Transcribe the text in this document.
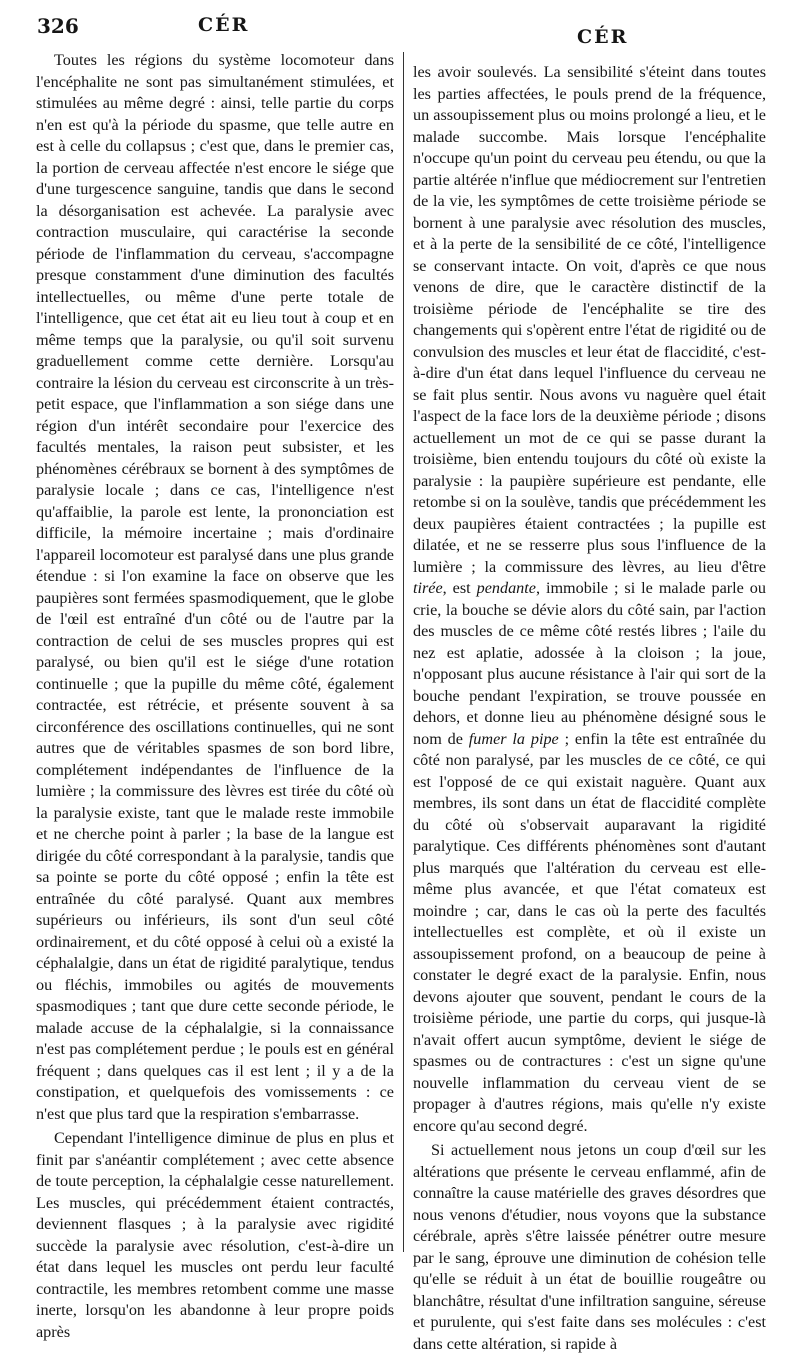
326	CÉR
CÉR

Toutes les régions du système locomoteur dans l'encéphalite ne sont pas simultanément stimulées, et stimulées au même degré : ainsi, telle partie du corps n'en est qu'à la période du spasme, que telle autre en est à celle du collapsus ; c'est que, dans le premier cas, la portion de cerveau affectée n'est encore le siége que d'une turgescence sanguine, tandis que dans le second la désorganisation est achevée. La paralysie avec contraction musculaire, qui caractérise la seconde période de l'inflammation du cerveau, s'accompagne presque constamment d'une diminution des facultés intellectuelles, ou même d'une perte totale de l'intelligence, que cet état ait eu lieu tout à coup et en même temps que la paralysie, ou qu'il soit survenu graduellement comme cette dernière. Lorsqu'au contraire la lésion du cerveau est circonscrite à un très-petit espace, que l'inflammation a son siége dans une région d'un intérêt secondaire pour l'exercice des facultés mentales, la raison peut subsister, et les phénomènes cérébraux se bornent à des symptômes de paralysie locale ; dans ce cas, l'intelligence n'est qu'affaiblie, la parole est lente, la prononciation est difficile, la mémoire incertaine ; mais d'ordinaire l'appareil locomoteur est paralysé dans une plus grande étendue : si l'on examine la face on observe que les paupières sont fermées spasmodiquement, que le globe de l'œil est entraîné d'un côté ou de l'autre par la contraction de celui de ses muscles propres qui est paralysé, ou bien qu'il est le siége d'une rotation continuelle ; que la pupille du même côté, également contractée, est rétrécie, et présente souvent à sa circonférence des oscillations continuelles, qui ne sont autres que de véritables spasmes de son bord libre, complétement indépendantes de l'influence de la lumière ; la commissure des lèvres est tirée du côté où la paralysie existe, tant que le malade reste immobile et ne cherche point à parler ; la base de la langue est dirigée du côté correspondant à la paralysie, tandis que sa pointe se porte du côté opposé ; enfin la tête est entraînée du côté paralysé. Quant aux membres supérieurs ou inférieurs, ils sont d'un seul côté ordinairement, et du côté opposé à celui où a existé la céphalalgie, dans un état de rigidité paralytique, tendus ou fléchis, immobiles ou agités de mouvements spasmodiques ; tant que dure cette seconde période, le malade accuse de la céphalalgie, si la connaissance n'est pas complétement perdue ; le pouls est en général fréquent ; dans quelques cas il est lent ; il y a de la constipation, et quelquefois des vomissements : ce n'est que plus tard que la respiration s'embarrasse.

Cependant l'intelligence diminue de plus en plus et finit par s'anéantir complétement ; avec cette absence de toute perception, la céphalalgie cesse naturellement. Les muscles, qui précédemment étaient contractés, deviennent flasques ; à la paralysie avec rigidité succède la paralysie avec résolution, c'est-à-dire un état dans lequel les muscles ont perdu leur faculté contractile, les membres retombent comme une masse inerte, lorsqu'on les abandonne à leur propre poids après

les avoir soulevés. La sensibilité s'éteint dans toutes les parties affectées, le pouls prend de la fréquence, un assoupissement plus ou moins prolongé a lieu, et le malade succombe. Mais lorsque l'encéphalite n'occupe qu'un point du cerveau peu étendu, ou que la partie altérée n'influe que médiocrement sur l'entretien de la vie, les symptômes de cette troisième période se bornent à une paralysie avec résolution des muscles, et à la perte de la sensibilité de ce côté, l'intelligence se conservant intacte. On voit, d'après ce que nous venons de dire, que le caractère distinctif de la troisième période de l'encéphalite se tire des changements qui s'opèrent entre l'état de rigidité ou de convulsion des muscles et leur état de flaccidité, c'est-à-dire d'un état dans lequel l'influence du cerveau ne se fait plus sentir. Nous avons vu naguère quel était l'aspect de la face lors de la deuxième période ; disons actuellement un mot de ce qui se passe durant la troisième, bien entendu toujours du côté où existe la paralysie : la paupière supérieure est pendante, elle retombe si on la soulève, tandis que précédemment les deux paupières étaient contractées ; la pupille est dilatée, et ne se resserre plus sous l'influence de la lumière ; la commissure des lèvres, au lieu d'être tirée, est pendante, immobile ; si le malade parle ou crie, la bouche se dévie alors du côté sain, par l'action des muscles de ce même côté restés libres ; l'aile du nez est aplatie, adossée à la cloison ; la joue, n'opposant plus aucune résistance à l'air qui sort de la bouche pendant l'expiration, se trouve poussée en dehors, et donne lieu au phénomène désigné sous le nom de fumer la pipe ; enfin la tête est entraînée du côté non paralysé, par les muscles de ce côté, ce qui est l'opposé de ce qui existait naguère. Quant aux membres, ils sont dans un état de flaccidité complète du côté où s'observait auparavant la rigidité paralytique. Ces différents phénomènes sont d'autant plus marqués que l'altération du cerveau est elle-même plus avancée, et que l'état comateux est moindre ; car, dans le cas où la perte des facultés intellectuelles est complète, et où il existe un assoupissement profond, on a beaucoup de peine à constater le degré exact de la paralysie. Enfin, nous devons ajouter que souvent, pendant le cours de la troisième période, une partie du corps, qui jusque-là n'avait offert aucun symptôme, devient le siége de spasmes ou de contractures : c'est un signe qu'une nouvelle inflammation du cerveau vient de se propager à d'autres régions, mais qu'elle n'y existe encore qu'au second degré.

Si actuellement nous jetons un coup d'œil sur les altérations que présente le cerveau enflammé, afin de connaître la cause matérielle des graves désordres que nous venons d'étudier, nous voyons que la substance cérébrale, après s'être laissée pénétrer outre mesure par le sang, éprouve une diminution de cohésion telle qu'elle se réduit à un état de bouillie rougeâtre ou blanchâtre, résultat d'une infiltration sanguine, séreuse et purulente, qui s'est faite dans ses molécules : c'est dans cette altération, si rapide à
